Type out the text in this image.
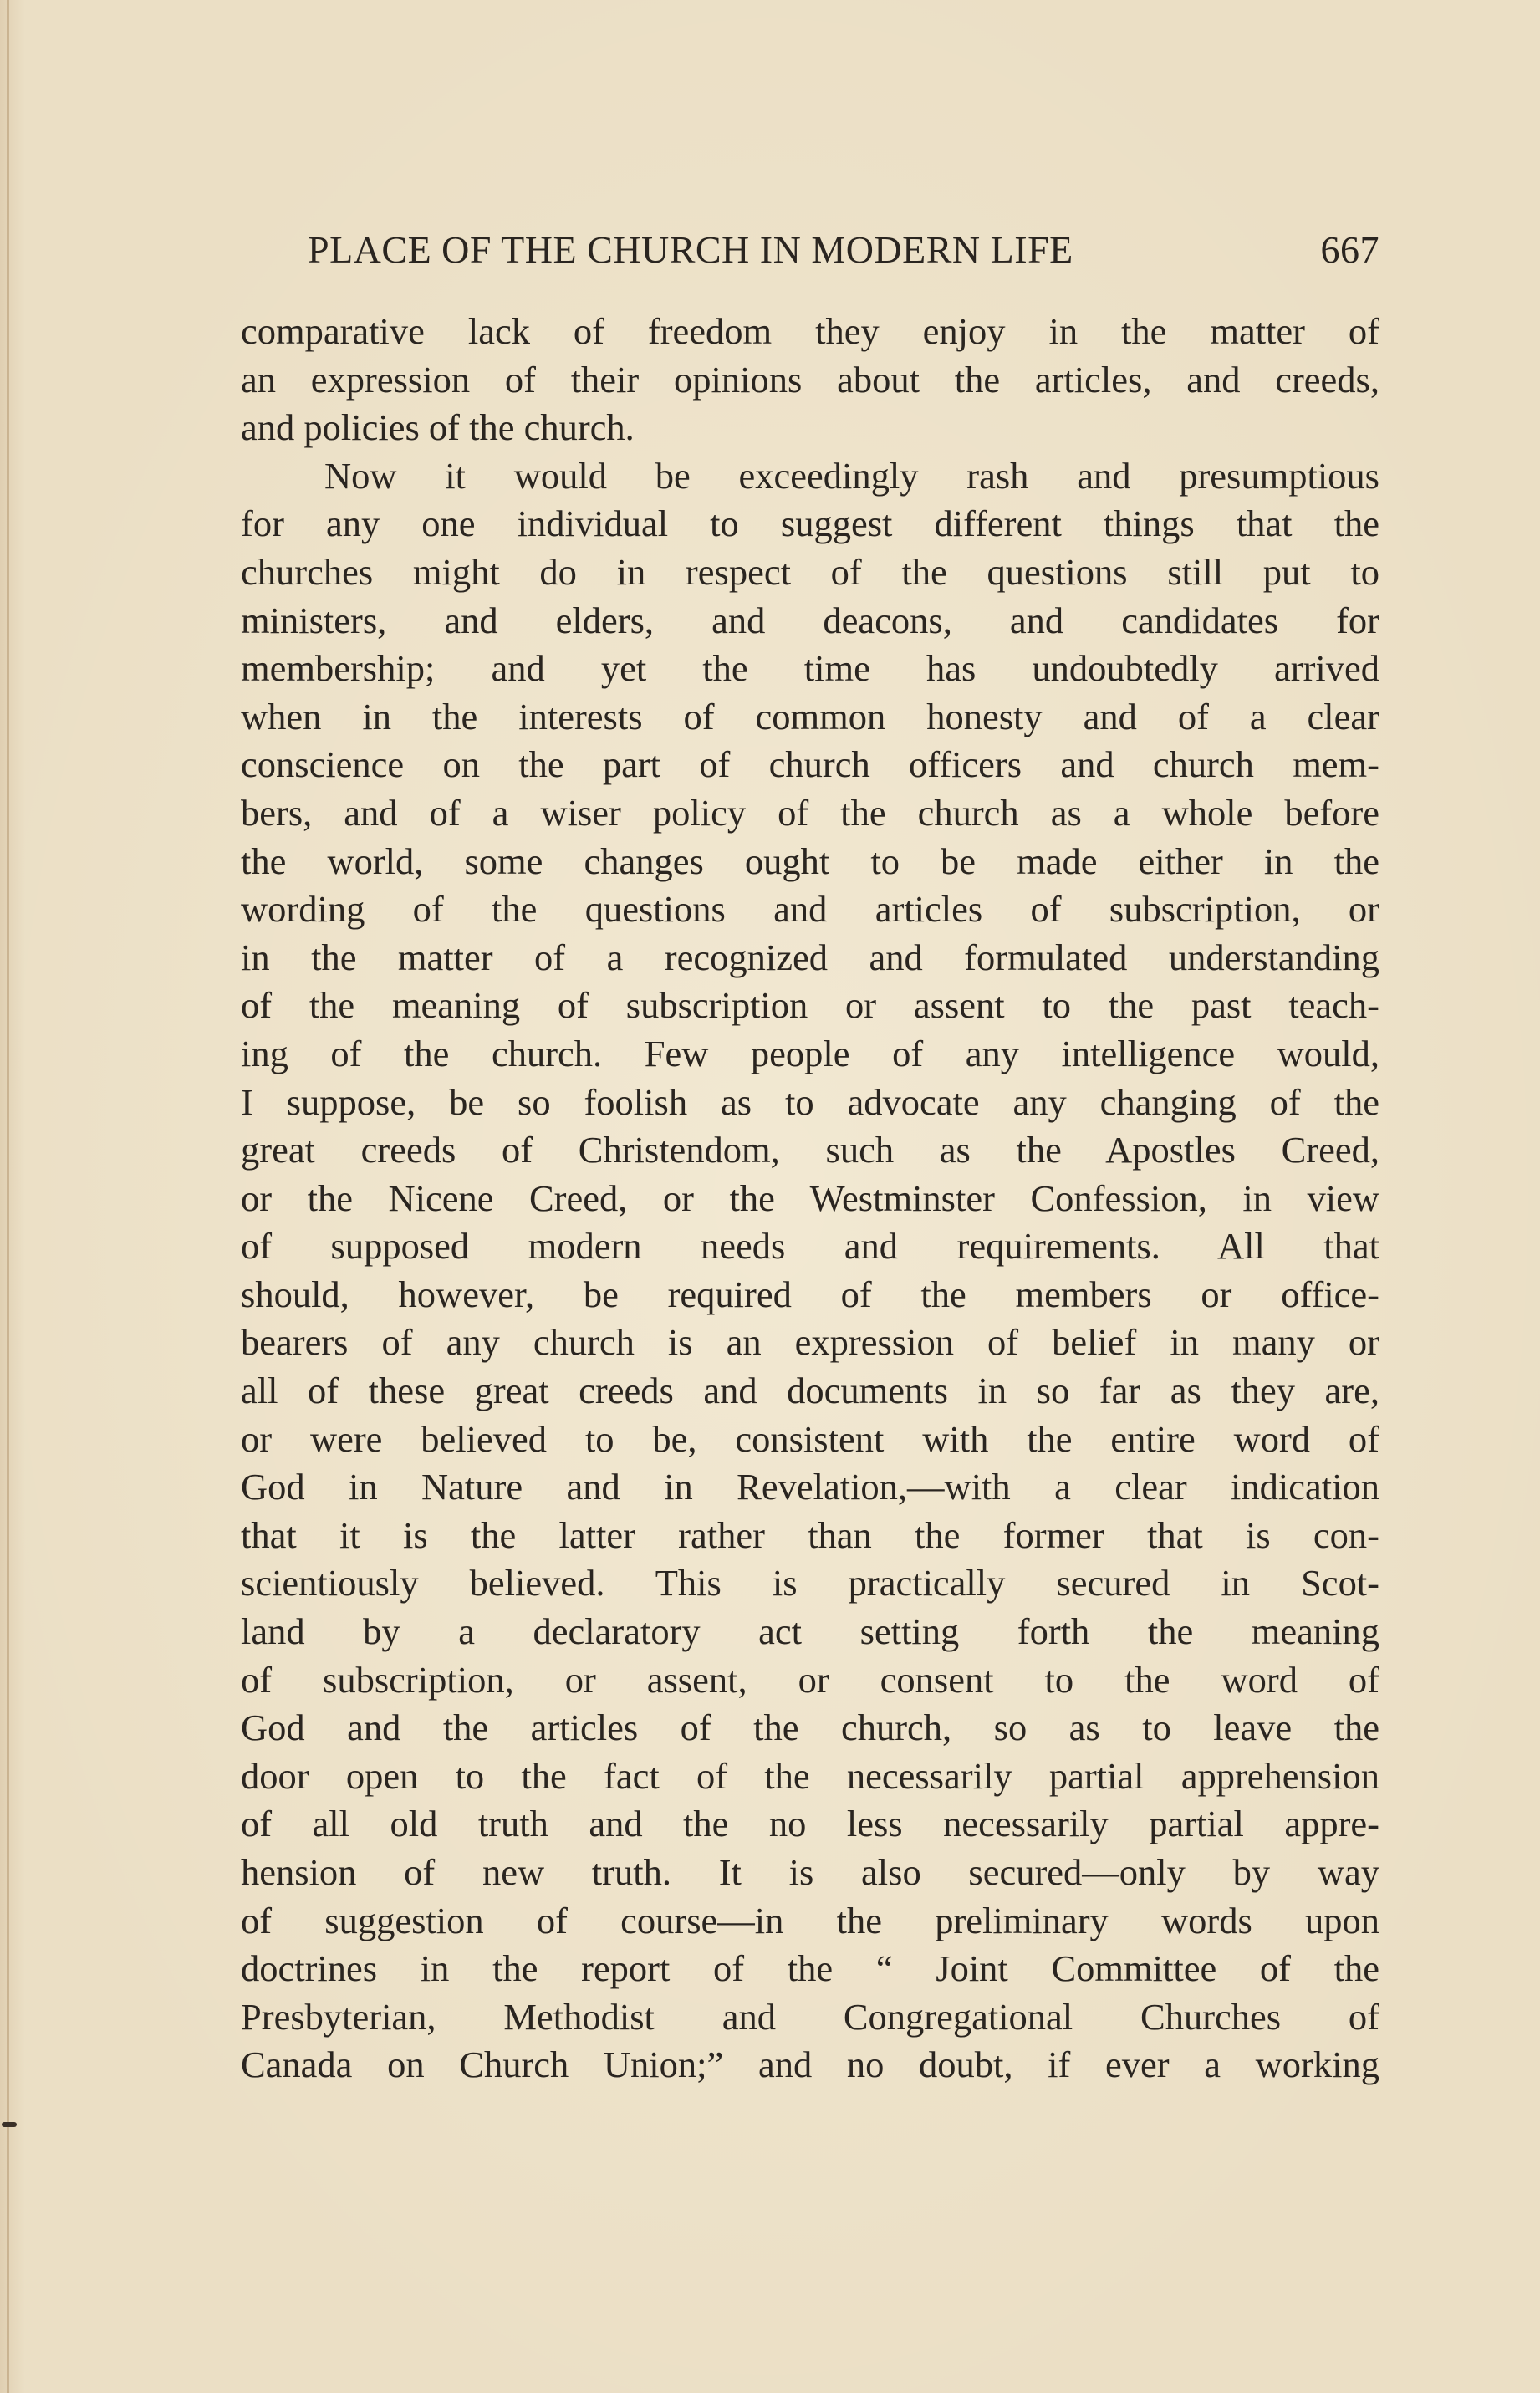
PLACE OF THE CHURCH IN MODERN LIFE	667
comparative lack of freedom they enjoy in the matter of
an expression of their opinions about the articles, and creeds,
and policies of the church.
Now it would be exceedingly rash and presumptious
for any one individual to suggest different things that the
churches might do in respect of the questions still put to
ministers, and elders, and deacons, and candidates for
membership; and yet the time has undoubtedly arrived
when in the interests of common honesty and of a clear
conscience on the part of church officers and church mem-
bers, and of a wiser policy of the church as a whole before
the world, some changes ought to be made either in the
wording of the questions and articles of subscription, or
in the matter of a recognized and formulated understanding
of the meaning of subscription or assent to the past teach-
ing of the church. Few people of any intelligence would,
I suppose, be so foolish as to advocate any changing of the
great creeds of Christendom, such as the Apostles Creed,
or the Nicene Creed, or the Westminster Confession, in view
of supposed modern needs and requirements. All that
should, however, be required of the members or office-
bearers of any church is an expression of belief in many or
all of these great creeds and documents in so far as they are,
or were believed to be, consistent with the entire word of
God in Nature and in Revelation,—with a clear indication
that it is the latter rather than the former that is con-
scientiously believed. This is practically secured in Scot-
land by a declaratory act setting forth the meaning
of subscription, or assent, or consent to the word of
God and the articles of the church, so as to leave the
door open to the fact of the necessarily partial apprehension
of all old truth and the no less necessarily partial appre-
hension of new truth. It is also secured—only by way
of suggestion of course—in the preliminary words upon
doctrines in the report of the “ Joint Committee of the
Presbyterian, Methodist and Congregational Churches of
Canada on Church Union;” and no doubt, if ever a working
